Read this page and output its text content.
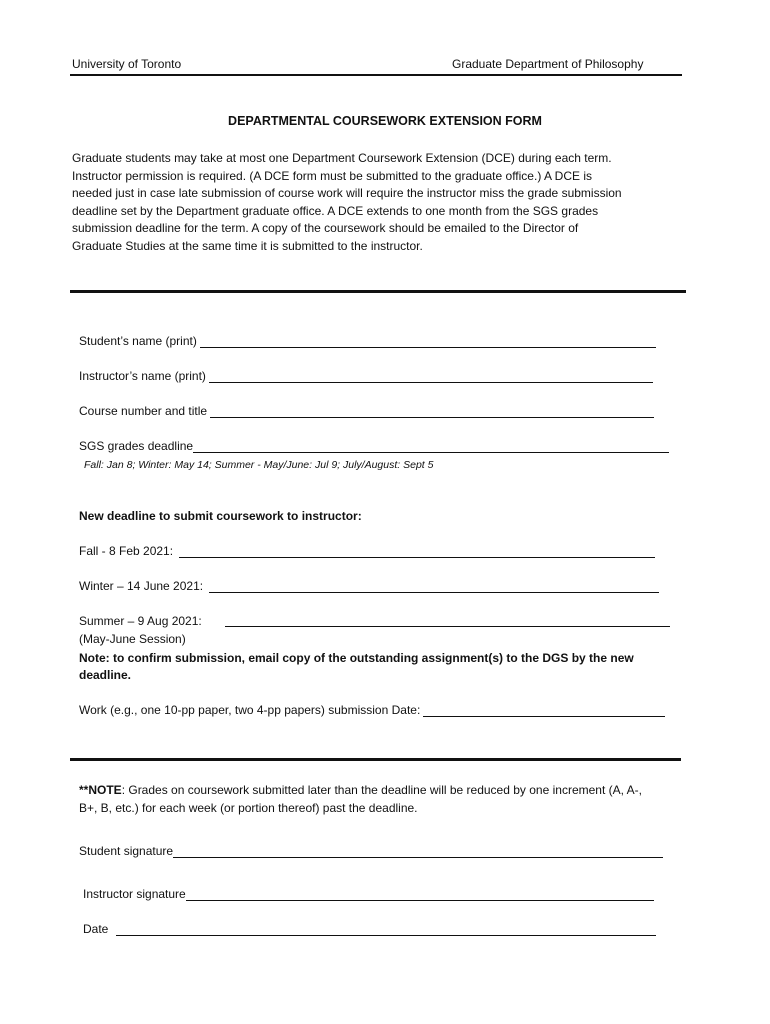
University of Toronto	Graduate Department of Philosophy
DEPARTMENTAL COURSEWORK EXTENSION FORM
Graduate students may take at most one Department Coursework Extension (DCE) during each term.
Instructor permission is required. (A DCE form must be submitted to the graduate office.) A DCE is
needed just in case late submission of course work will require the instructor miss the grade submission
deadline set by the Department graduate office. A DCE extends to one month from the SGS grades
submission deadline for the term. A copy of the coursework should be emailed to the Director of
Graduate Studies at the same time it is submitted to the instructor.
Student’s name (print)
Instructor’s name (print)
Course number and title
SGS grades deadline
Fall: Jan 8; Winter: May 14; Summer - May/June: Jul 9; July/August: Sept 5
New deadline to submit coursework to instructor:
Fall - 8 Feb 2021:
Winter – 14 June 2021:
Summer – 9 Aug 2021:
(May-June Session)
Note: to confirm submission, email copy of the outstanding assignment(s) to the DGS by the new
deadline.
Work (e.g., one 10-pp paper, two 4-pp papers) submission Date:
**NOTE: Grades on coursework submitted later than the deadline will be reduced by one increment (A, A-,
B+, B, etc.) for each week (or portion thereof) past the deadline.
Student signature
Instructor signature
Date
